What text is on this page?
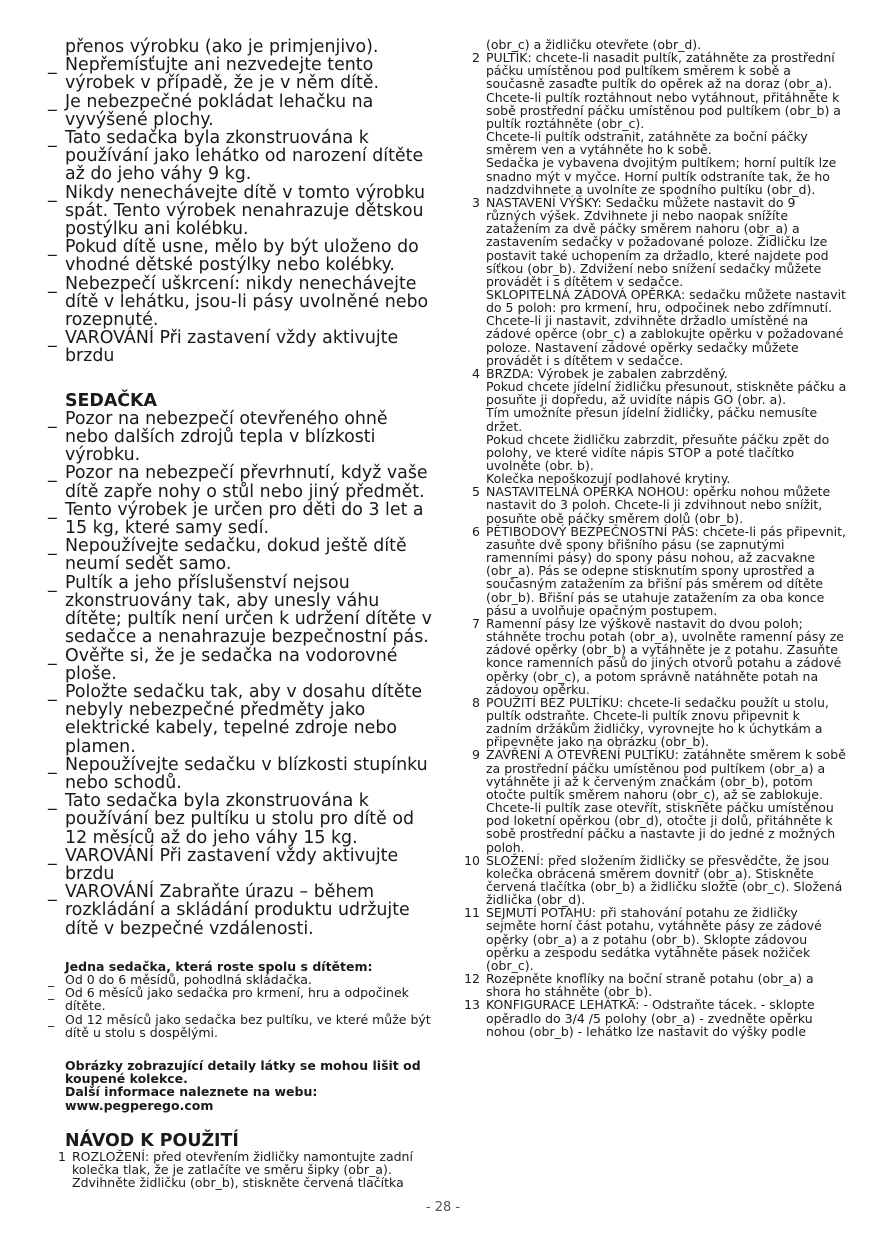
přenos výrobku (ako je primjenjivo).

_ Nepřemísťujte ani nezvedejte tento výrobek v případě, že je v něm dítě.
_ Je nebezpečné pokládat lehačku na vyvýšené plochy.
_ Tato sedačka byla zkonstruována k používání jako lehátko od narození dítěte až do jeho váhy 9 kg.
_ Nikdy nenechávejte dítě v tomto výrobku spát. Tento výrobek nenahrazuje dětskou postýlku ani kolébku.
_ Pokud dítě usne, mělo by být uloženo do vhodné dětské postýlky nebo kolébky.
_ Nebezpečí uškrcení: nikdy nenechávejte dítě v lehátku, jsou-li pásy uvolněné nebo rozepnuté.
_ VAROVÁNÍ Při zastavení vždy aktivujte brzdu
SEDAČKA
_ Pozor na nebezpečí otevřeného ohně nebo dalších zdrojů tepla v blízkosti výrobku.
_ Pozor na nebezpečí převrhnutí, když vaše dítě zapře nohy o stůl nebo jiný předmět.
_ Tento výrobek je určen pro děti do 3 let a 15 kg, které samy sedí.
_ Nepoužívejte sedačku, dokud ještě dítě neumí sedět samo.
_ Pultík a jeho příslušenství nejsou zkonstruovány tak, aby unesly váhu dítěte; pultík není určen k udržení dítěte v sedačce a nenahrazuje bezpečnostní pás.
_ Ověřte si, že je sedačka na vodorovné ploše.
_ Položte sedačku tak, aby v dosahu dítěte nebyly nebezpečné předměty jako elektrické kabely, tepelné zdroje nebo plamen.
_ Nepoužívejte sedačku v blízkosti stupínku nebo schodů.
_ Tato sedačka byla zkonstruována k používání bez pultíku u stolu pro dítě od 12 měsíců až do jeho váhy 15 kg.
_ VAROVÁNÍ Při zastavení vždy aktivujte brzdu
_ VAROVÁNÍ Zabraňte úrazu – během rozkládání a skládání produktu udržujte dítě v bezpečné vzdálenosti.

Jedna sedačka, která roste spolu s dítětem:

_ Od 0 do 6 měsídů, pohodlná skládačka.
_ Od 6 měsíců jako sedačka pro krmení, hru a odpočinek dítěte.
_ Od 12 měsíců jako sedačka bez pultíku, ve které může být dítě u stolu s dospělými.

Obrázky zobrazující detaily látky se mohou lišit od koupené kolekce.

Další informace naleznete na webu:

www.pegperego.com

NÁVOD K POUŽITÍ
1 ROZLOŽENÍ: před otevřením židličky namontujte zadní kolečka tlak, že je zatlačíte ve směru šipky (obr_a). Zdvihněte židličku (obr_b), stiskněte červená tlačítka

(obr_c) a židličku otevřete (obr_d).
2 PULTÍK: chcete-li nasadit pultík, zatáhněte za prostřední páčku umístěnou pod pultíkem směrem k sobě a současně zasaďte pultík do opěrek až na doraz (obr_a).

Chcete-li pultík roztáhnout nebo vytáhnout, přitáhněte k sobě prostřední páčku umístěnou pod pultíkem (obr_b) a pultík roztáhněte (obr_c).

Chcete-li pultík odstranit, zatáhněte za boční páčky směrem ven a vytáhněte ho k sobě.

Sedačka je vybavena dvojitým pultíkem; horní pultík lze snadno mýt v myčce. Horní pultík odstraníte tak, že ho nadzdvihnete a uvolníte ze spodního pultíku (obr_d).

3 NASTAVENÍ VÝŠKY: Sedačku můžete nastavit do 9 různých výšek. Zdvihnete ji nebo naopak snížíte zatažením za dvě páčky směrem nahoru (obr_a) a zastavením sedačky v požadované poloze. Židličku lze postavit také uchopením za držadlo, které najdete pod síťkou (obr_b). Zdvižení nebo snížení sedačky můžete provádět i s dítětem v sedačce.

SKLOPITELNÁ ZÁDOVÁ OPĚRKA: sedačku můžete nastavit do 5 poloh: pro krmení, hru, odpočinek nebo zdřímnutí. Chcete-li ji nastavit, zdvihněte držadlo umístěné na zádové opěrce (obr_c) a zablokujte opěrku v požadované poloze. Nastavení zádové opěrky sedačky můžete provádět i s dítětem v sedačce.

4 BRZDA: Výrobek je zabalen zabrzděný.

Pokud chcete jídelní židličku přesunout, stiskněte páčku a posuňte ji dopředu, až uvidíte nápis GO (obr. a).

Tím umožníte přesun jídelní židličky, páčku nemusíte držet.

Pokud chcete židličku zabrzdit, přesuňte páčku zpět do polohy, ve které vidíte nápis STOP a poté tlačítko uvolněte (obr. b).

Kolečka nepoškozují podlahové krytiny.

5 NASTAVITELNÁ OPĚRKA NOHOU: opěrku nohou můžete nastavit do 3 poloh. Chcete-li ji zdvihnout nebo snížit, posuňte obě páčky směrem dolů (obr_b).

6 PĚTIBODOVÝ BEZPEČNOSTNÍ PÁS: chcete-li pás připevnit, zasuňte dvě spony břišního pásu (se zapnutými ramenními pásy) do spony pásu nohou, až zacvakne (obr_a). Pás se odepne stisknutím spony uprostřed a současným zatažením za břišní pás směrem od dítěte (obr_b). Břišní pás se utahuje zatažením za oba konce pásu a uvolňuje opačným postupem.

7 Ramenní pásy lze výškově nastavit do dvou poloh; stáhněte trochu potah (obr_a), uvolněte ramenní pásy ze zádové opěrky (obr_b) a vytáhněte je z potahu. Zasuňte konce ramenních pásů do jiných otvorů potahu a zádové opěrky (obr_c), a potom správně natáhněte potah na zádovou opěrku.

8 POUŽITÍ BEZ PULTÍKU: chcete-li sedačku použít u stolu, pultík odstraňte. Chcete-li pultík znovu připevnit k zadním držákům židličky, vyrovnejte ho k úchytkám a připevněte jako na obrázku (obr_b).

9 ZAVŘENÍ A OTEVŘENÍ PULTÍKU: zatáhněte směrem k sobě za prostřední páčku umístěnou pod pultíkem (obr_a) a vytáhněte ji až k červeným značkám (obr_b), potom otočte pultík směrem nahoru (obr_c), až se zablokuje. Chcete-li pultík zase otevřít, stiskněte páčku umístěnou pod loketní opěrkou (obr_d), otočte ji dolů, přitáhněte k sobě prostřední páčku a nastavte ji do jedné z možných poloh.

10 SLOŽENÍ: před složením židličky se přesvědčte, že jsou kolečka obrácená směrem dovnitř (obr_a). Stiskněte červená tlačítka (obr_b) a židličku složte (obr_c). Složená židlička (obr_d).

11 SEJMUTÍ POTAHU: při stahování potahu ze židličky sejměte horní část potahu, vytáhněte pásy ze zádové opěrky (obr_a) a z potahu (obr_b). Sklopte zádovou opěrku a zespodu sedátka vytáhněte pásek nožiček (obr_c).

12 Rozepněte knoflíky na boční straně potahu (obr_a) a shora ho stáhněte (obr_b).

13 KONFIGURACE LEHÁTKA: - Odstraňte tácek. - sklopte opěradlo do 3/4 /5 polohy (obr_a) - zvedněte opěrku nohou (obr_b) - lehátko lze nastavit do výšky podle

- 28 -
